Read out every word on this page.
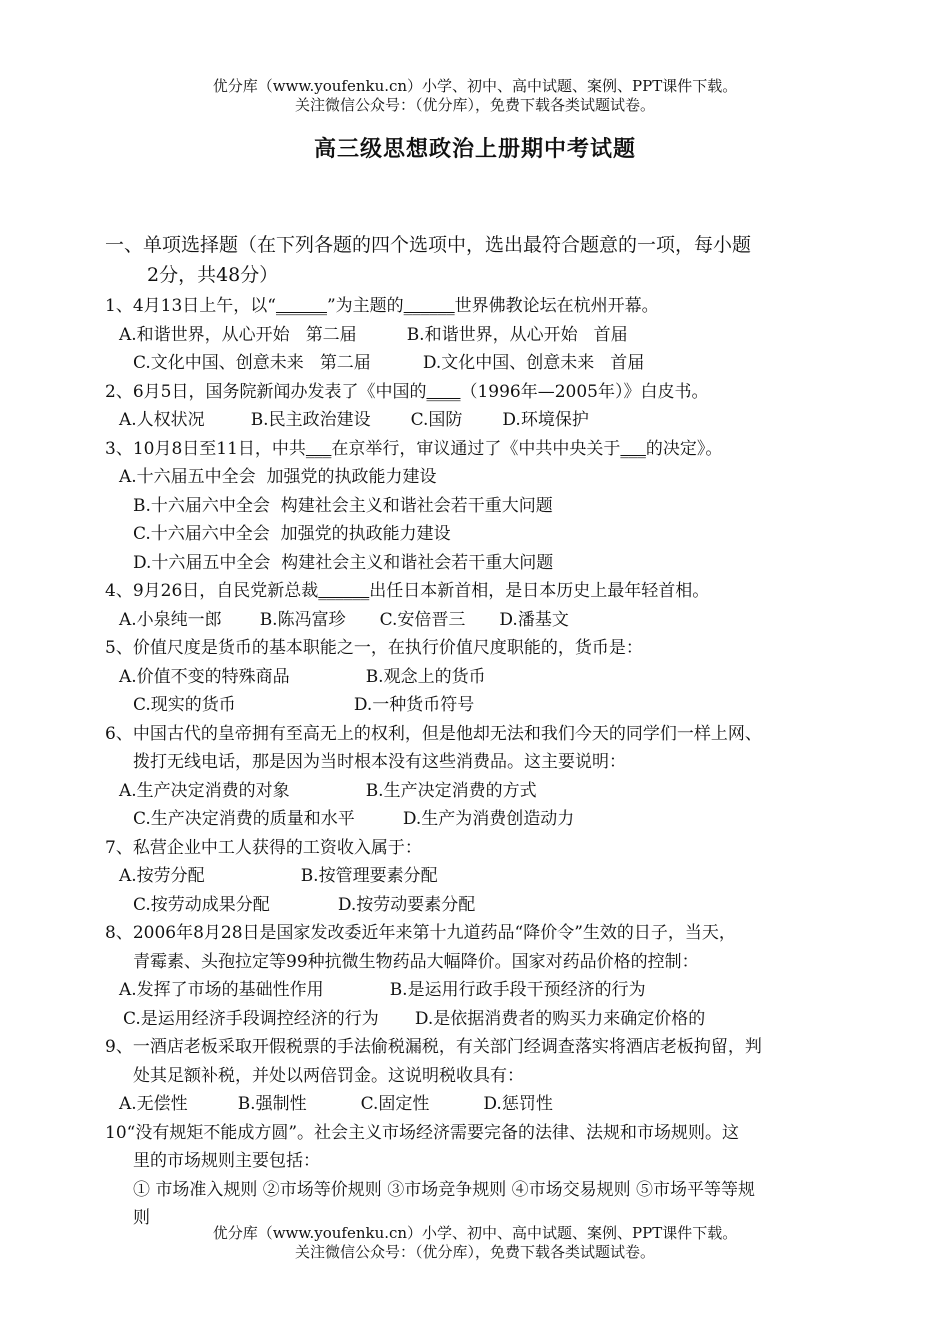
优分库（www.youfenku.cn）小学、初中、高中试题、案例、PPT课件下载。
关注微信公众号：（优分库），免费下载各类试题试卷。
高三级思想政治上册期中考试题
一、单项选择题（在下列各题的四个选项中，选出最符合题意的一项，每小题
2分，共48分）
1、4月13日上午，以“______”为主题的______世界佛教论坛在杭州开幕。
A.和谐世界，从心开始 第二届	B.和谐世界，从心开始 首届
C.文化中国、创意未来 第二届	D.文化中国、创意未来 首届
2、6月5日，国务院新闻办发表了《中国的____（1996年—2005年）》白皮书。
A.人权状况	B.民主政治建设 C.国防 D.环境保护
3、10月8日至11日，中共___在京举行，审议通过了《中共中央关于___的决定》。
A.十六届五中全会  加强党的执政能力建设
B.十六届六中全会  构建社会主义和谐社会若干重大问题
C.十六届六中全会  加强党的执政能力建设
D.十六届五中全会  构建社会主义和谐社会若干重大问题
4、9月26日，自民党新总裁______出任日本新首相，是日本历史上最年轻首相。
A.小泉纯一郎 B.陈冯富珍 C.安倍晋三 D.潘基文
5、价值尺度是货币的基本职能之一，在执行价值尺度职能的，货币是：
A.价值不变的特殊商品	B.观念上的货币
C.现实的货币	D.一种货币符号
6、中国古代的皇帝拥有至高无上的权利，但是他却无法和我们今天的同学们一样上网、
拨打无线电话，那是因为当时根本没有这些消费品。这主要说明：
A.生产决定消费的对象	B.生产决定消费的方式
C.生产决定消费的质量和水平	D.生产为消费创造动力
7、私营企业中工人获得的工资收入属于：
A.按劳分配	B.按管理要素分配
C.按劳动成果分配	D.按劳动要素分配
8、2006年8月28日是国家发改委近年来第十九道药品“降价令”生效的日子，当天，
青霉素、头孢拉定等99种抗微生物药品大幅降价。国家对药品价格的控制：
A.发挥了市场的基础性作用	B.是运用行政手段干预经济的行为
C.是运用经济手段调控经济的行为 D.是依据消费者的购买力来确定价格的
9、一酒店老板采取开假税票的手法偷税漏税，有关部门经调查落实将酒店老板拘留，判
处其足额补税，并处以两倍罚金。这说明税收具有：
A.无偿性	B.强制性	C.固定性	D.惩罚性
10“没有规矩不能成方圆”。社会主义市场经济需要完备的法律、法规和市场规则。这
里的市场规则主要包括：
① 市场准入规则 ②市场等价规则 ③市场竞争规则 ④市场交易规则 ⑤市场平等等规
则
优分库（www.youfenku.cn）小学、初中、高中试题、案例、PPT课件下载。
关注微信公众号：（优分库），免费下载各类试题试卷。
